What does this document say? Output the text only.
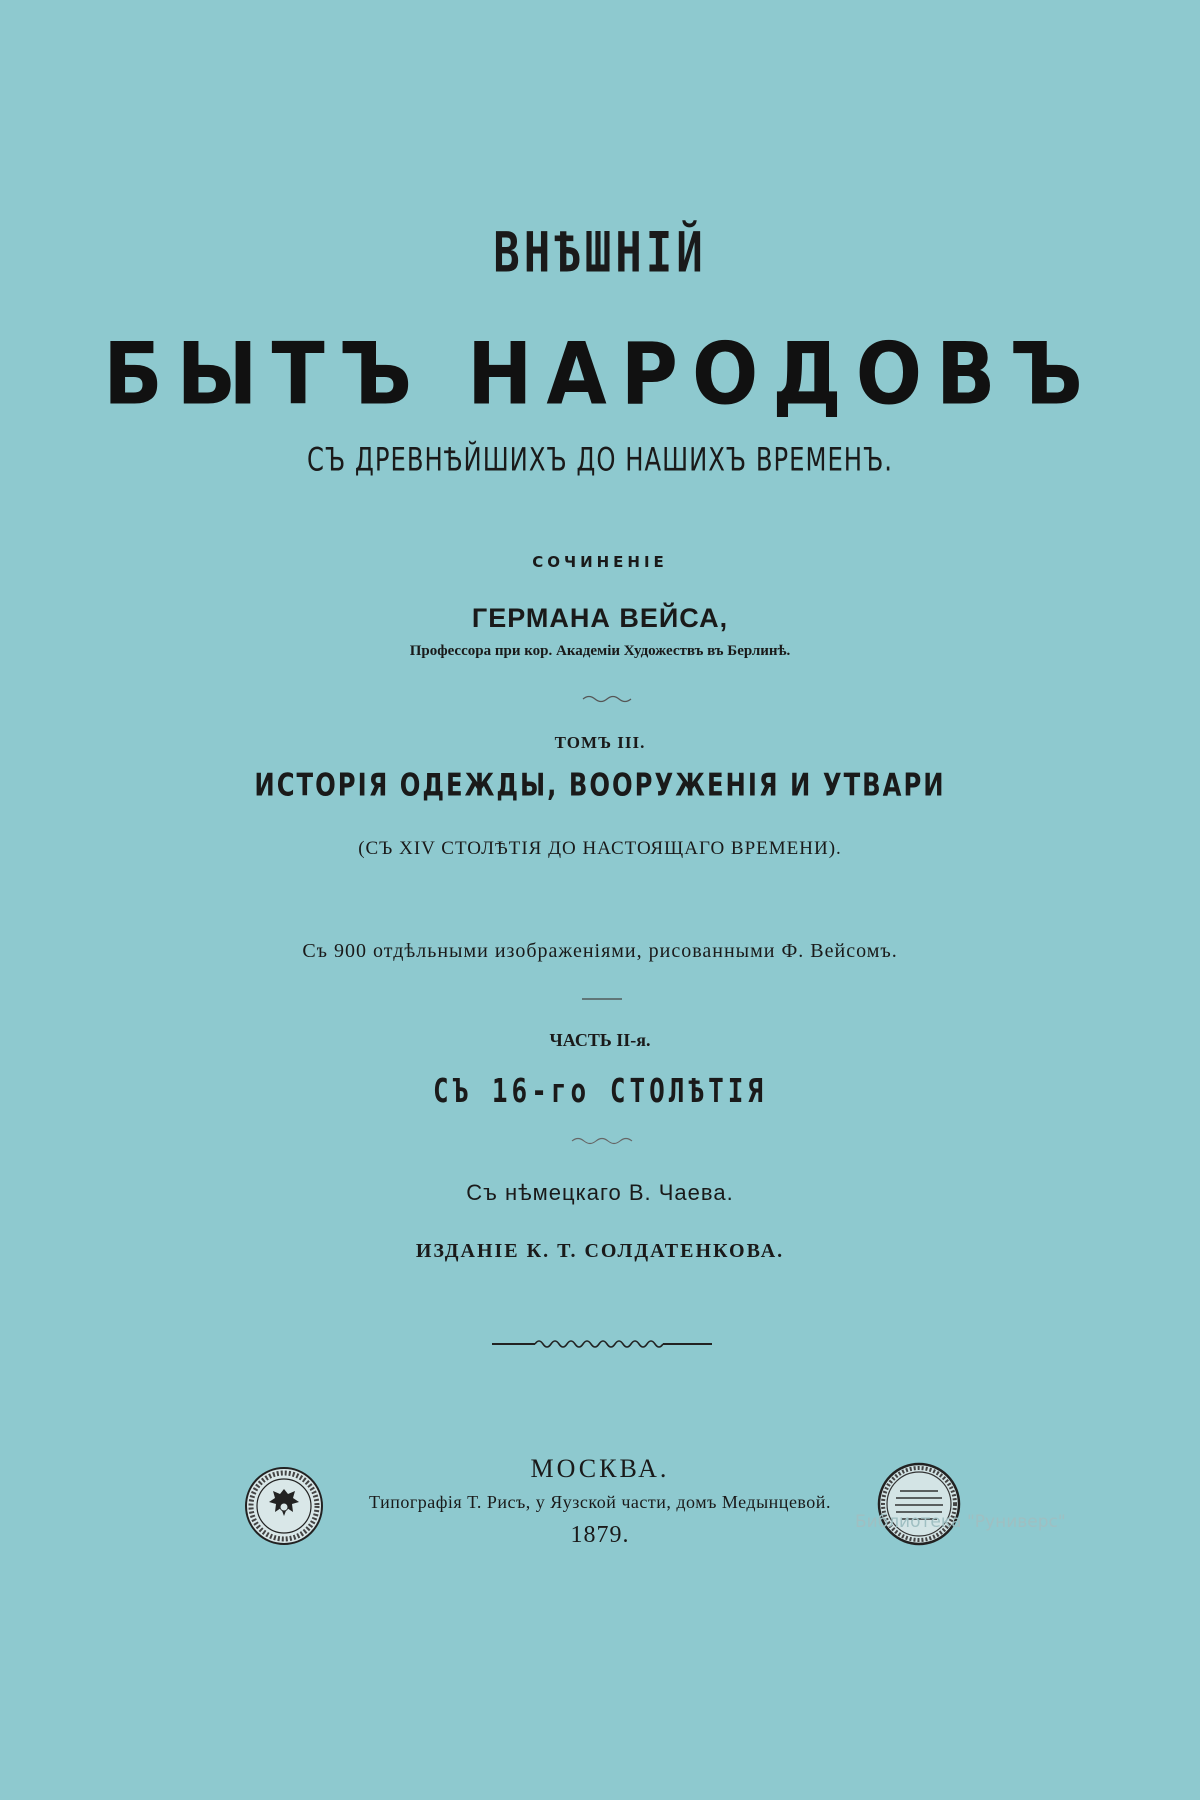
ВНѢШНІЙ
БЫТЪ НАРОДОВЪ
СЪ ДРЕВНѢЙШИХЪ ДО НАШИХЪ ВРЕМЕНЪ.
СОЧИНЕНІЕ
ГЕРМАНА ВЕЙСА,
Профессора при кор. Академіи Художествъ въ Берлинѣ.
ТОМЪ III.
ИСТОРІЯ ОДЕЖДЫ, ВООРУЖЕНІЯ И УТВАРИ
(СЪ XIV СТОЛѢТІЯ ДО НАСТОЯЩАГО ВРЕМЕНИ).
Съ 900 отдѣльными изображеніями, рисованными Ф. Вейсомъ.
ЧАСТЬ II-я.
СЪ 16-го СТОЛѢТІЯ
Съ нѣмецкаго В. Чаева.
ИЗДАНІЕ К. Т. СОЛДАТЕНКОВА.
МОСКВА.
Типографія Т. Рисъ, у Яузской части, домъ Медынцевой.
1879.	Библиотека "Руниверс"
